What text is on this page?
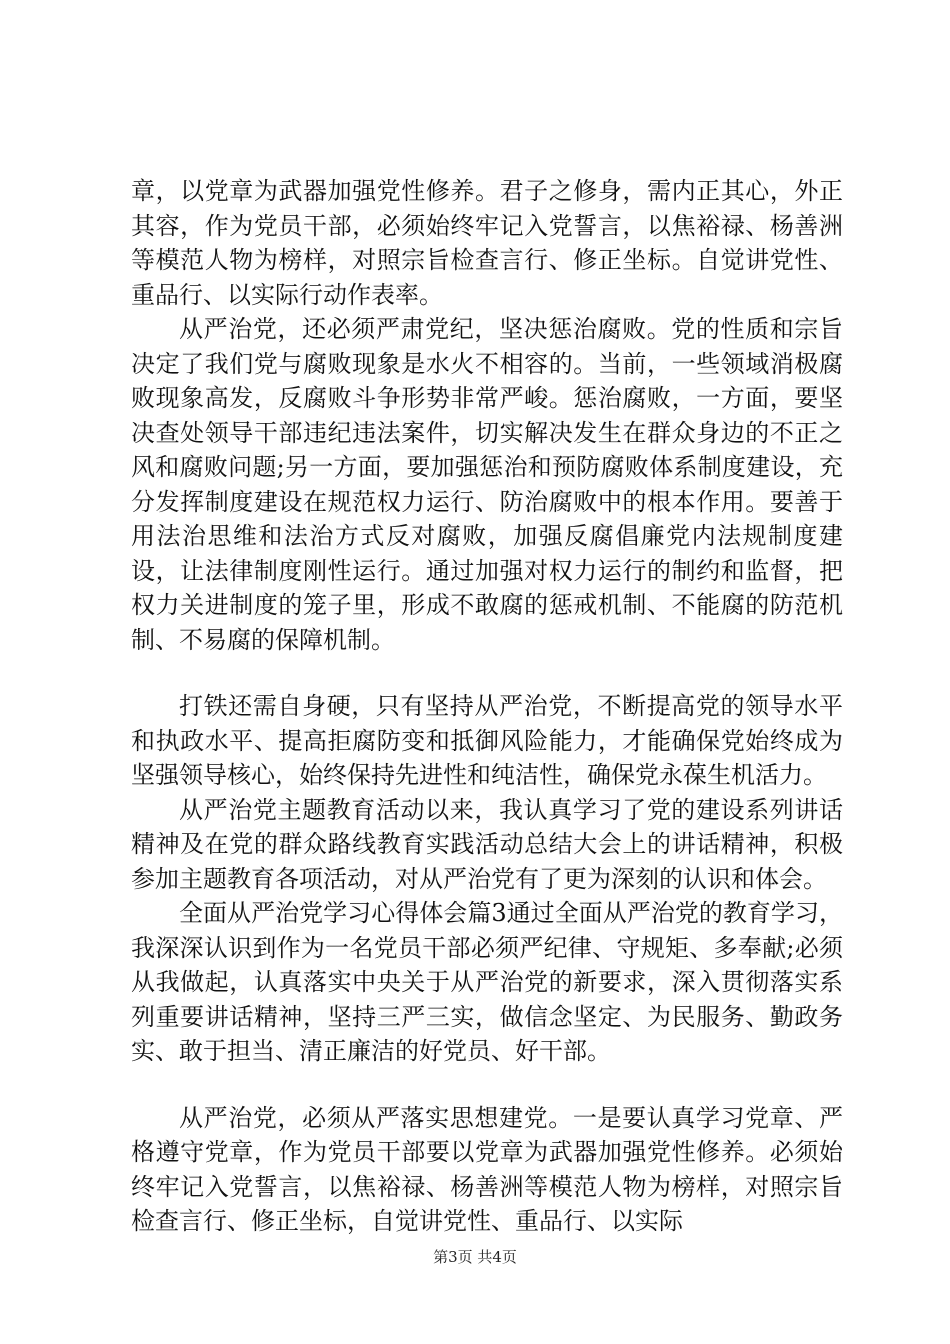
章，以党章为武器加强党性修养。君子之修身，需内正其心，外正其容，作为党员干部，必须始终牢记入党誓言，以焦裕禄、杨善洲等模范人物为榜样，对照宗旨检查言行、修正坐标。自觉讲党性、重品行、以实际行动作表率。

从严治党，还必须严肃党纪，坚决惩治腐败。党的性质和宗旨决定了我们党与腐败现象是水火不相容的。当前，一些领域消极腐败现象高发，反腐败斗争形势非常严峻。惩治腐败，一方面，要坚决查处领导干部违纪违法案件，切实解决发生在群众身边的不正之风和腐败问题;另一方面，要加强惩治和预防腐败体系制度建设，充分发挥制度建设在规范权力运行、防治腐败中的根本作用。要善于用法治思维和法治方式反对腐败，加强反腐倡廉党内法规制度建设，让法律制度刚性运行。通过加强对权力运行的制约和监督，把权力关进制度的笼子里，形成不敢腐的惩戒机制、不能腐的防范机制、不易腐的保障机制。

打铁还需自身硬，只有坚持从严治党，不断提高党的领导水平和执政水平、提高拒腐防变和抵御风险能力，才能确保党始终成为坚强领导核心，始终保持先进性和纯洁性，确保党永葆生机活力。

从严治党主题教育活动以来，我认真学习了党的建设系列讲话精神及在党的群众路线教育实践活动总结大会上的讲话精神，积极参加主题教育各项活动，对从严治党有了更为深刻的认识和体会。

全面从严治党学习心得体会篇3通过全面从严治党的教育学习，我深深认识到作为一名党员干部必须严纪律、守规矩、多奉献;必须从我做起，认真落实中央关于从严治党的新要求，深入贯彻落实系列重要讲话精神，坚持三严三实，做信念坚定、为民服务、勤政务实、敢于担当、清正廉洁的好党员、好干部。

从严治党，必须从严落实思想建党。一是要认真学习党章、严格遵守党章，作为党员干部要以党章为武器加强党性修养。必须始终牢记入党誓言，以焦裕禄、杨善洲等模范人物为榜样，对照宗旨检查言行、修正坐标，自觉讲党性、重品行、以实际

第3页 共4页
